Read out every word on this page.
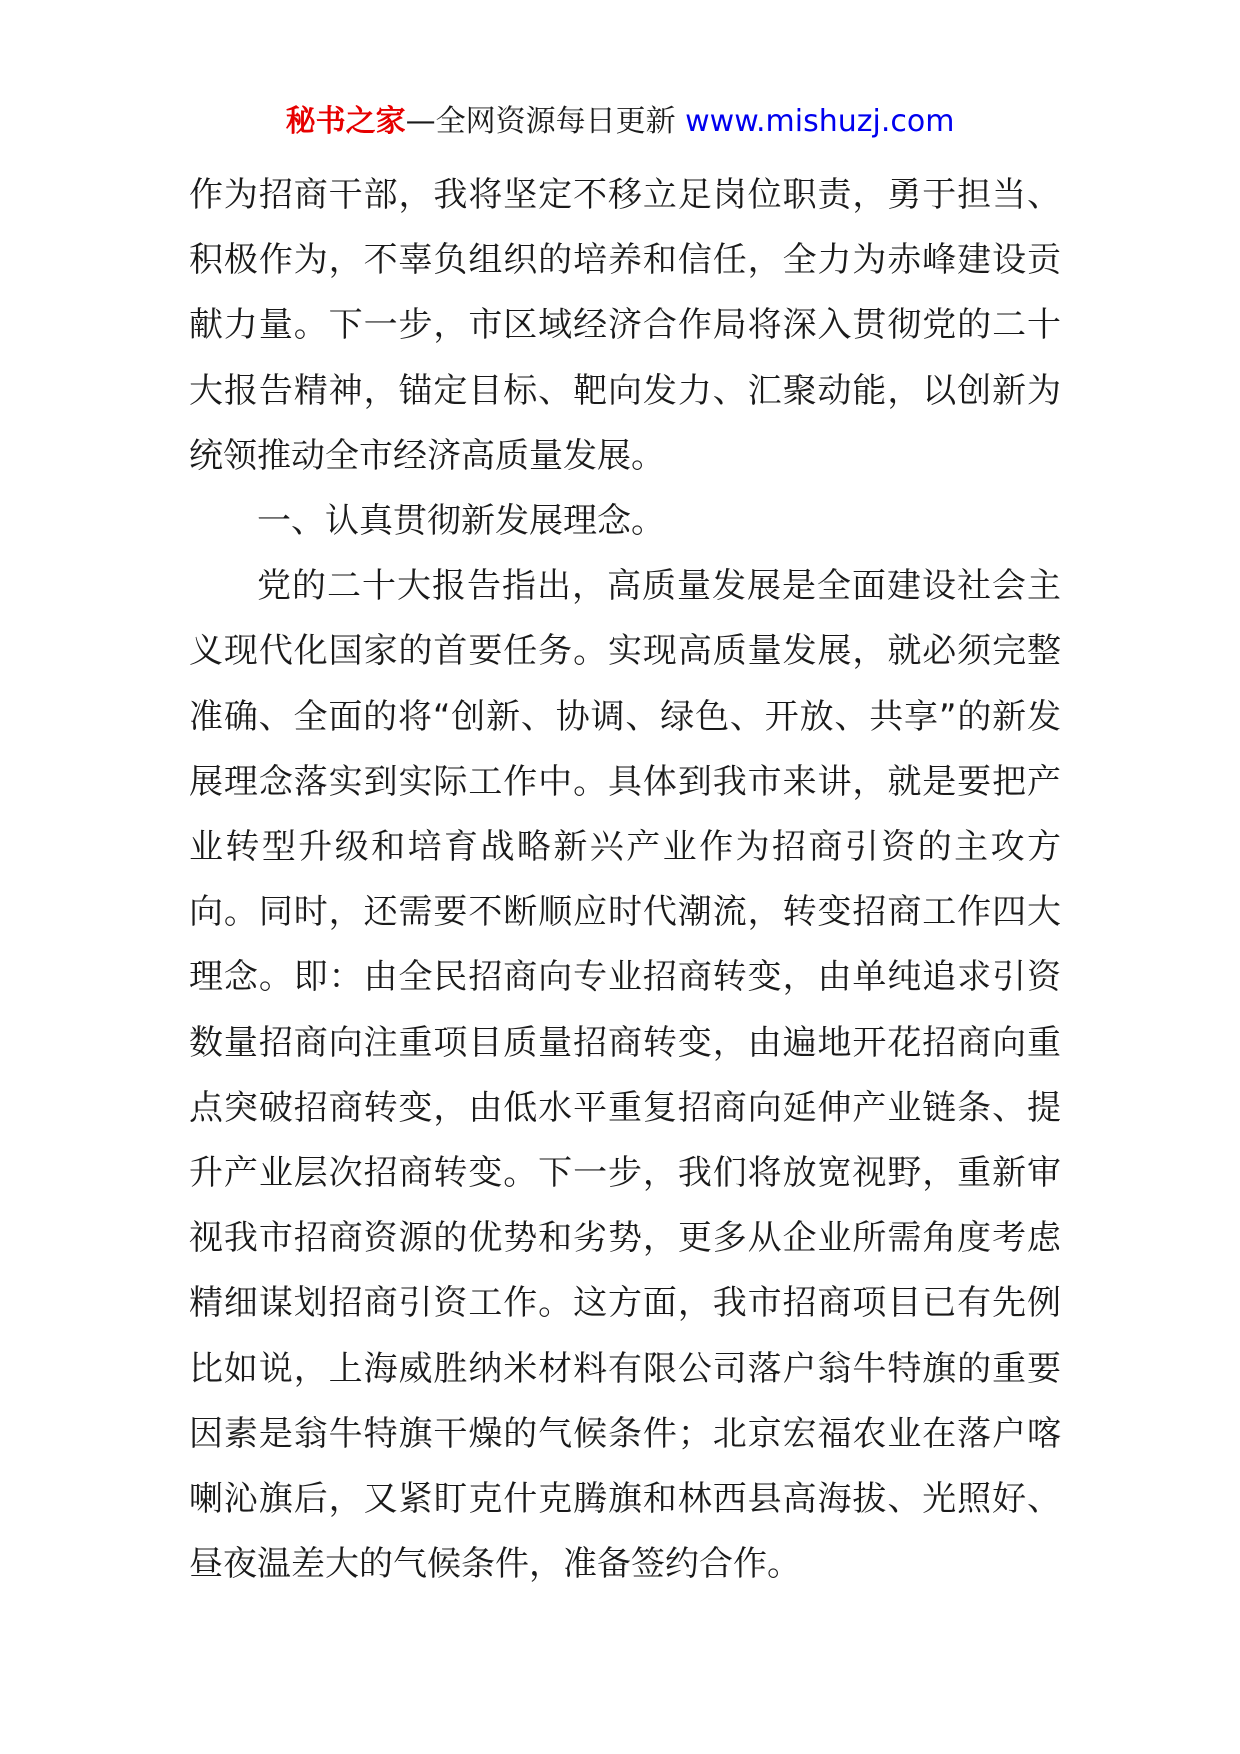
秘书之家—全网资源每日更新 www.mishuzj.com

作为招商干部，我将坚定不移立足岗位职责，勇于担当、积极作为，不辜负组织的培养和信任，全力为赤峰建设贡献力量。下一步，市区域经济合作局将深入贯彻党的二十大报告精神，锚定目标、靶向发力、汇聚动能，以创新为统领推动全市经济高质量发展。

一、认真贯彻新发展理念。

党的二十大报告指出，高质量发展是全面建设社会主义现代化国家的首要任务。实现高质量发展，就必须完整准确、全面的将“创新、协调、绿色、开放、共享”的新发展理念落实到实际工作中。具体到我市来讲，就是要把产业转型升级和培育战略新兴产业作为招商引资的主攻方向。同时，还需要不断顺应时代潮流，转变招商工作四大理念。即：由全民招商向专业招商转变，由单纯追求引资数量招商向注重项目质量招商转变，由遍地开花招商向重点突破招商转变，由低水平重复招商向延伸产业链条、提升产业层次招商转变。下一步，我们将放宽视野，重新审视我市招商资源的优势和劣势，更多从企业所需角度考虑精细谋划招商引资工作。这方面，我市招商项目已有先例比如说，上海威胜纳米材料有限公司落户翁牛特旗的重要因素是翁牛特旗干燥的气候条件；北京宏福农业在落户喀喇沁旗后，又紧盯克什克腾旗和林西县高海拔、光照好、昼夜温差大的气候条件，准备签约合作。
